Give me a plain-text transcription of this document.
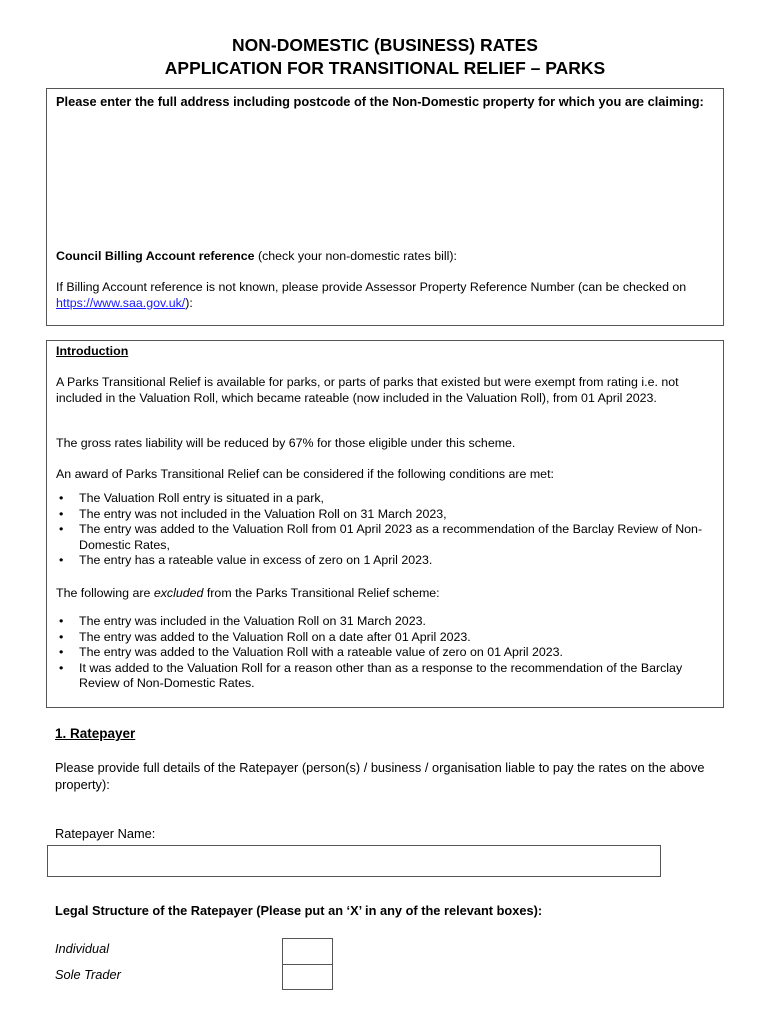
NON-DOMESTIC (BUSINESS) RATES
APPLICATION FOR TRANSITIONAL RELIEF – PARKS
Please enter the full address including postcode of the Non-Domestic property for which you are claiming:
Council Billing Account reference (check your non-domestic rates bill):
If Billing Account reference is not known, please provide Assessor Property Reference Number (can be checked on https://www.saa.gov.uk/):
Introduction
A Parks Transitional Relief is available for parks, or parts of parks that existed but were exempt from rating i.e. not included in the Valuation Roll, which became rateable (now included in the Valuation Roll), from 01 April 2023.
The gross rates liability will be reduced by 67% for those eligible under this scheme.
An award of Parks Transitional Relief can be considered if the following conditions are met:
• The Valuation Roll entry is situated in a park,
• The entry was not included in the Valuation Roll on 31 March 2023,
• The entry was added to the Valuation Roll from 01 April 2023 as a recommendation of the Barclay Review of Non-Domestic Rates,
• The entry has a rateable value in excess of zero on 1 April 2023.
The following are excluded from the Parks Transitional Relief scheme:
• The entry was included in the Valuation Roll on 31 March 2023.
• The entry was added to the Valuation Roll on a date after 01 April 2023.
• The entry was added to the Valuation Roll with a rateable value of zero on 01 April 2023.
• It was added to the Valuation Roll for a reason other than as a response to the recommendation of the Barclay Review of Non-Domestic Rates.
1. Ratepayer
Please provide full details of the Ratepayer (person(s) / business / organisation liable to pay the rates on the above property):
Ratepayer Name:
Legal Structure of the Ratepayer (Please put an ‘X’ in any of the relevant boxes):
Individual
Sole Trader
